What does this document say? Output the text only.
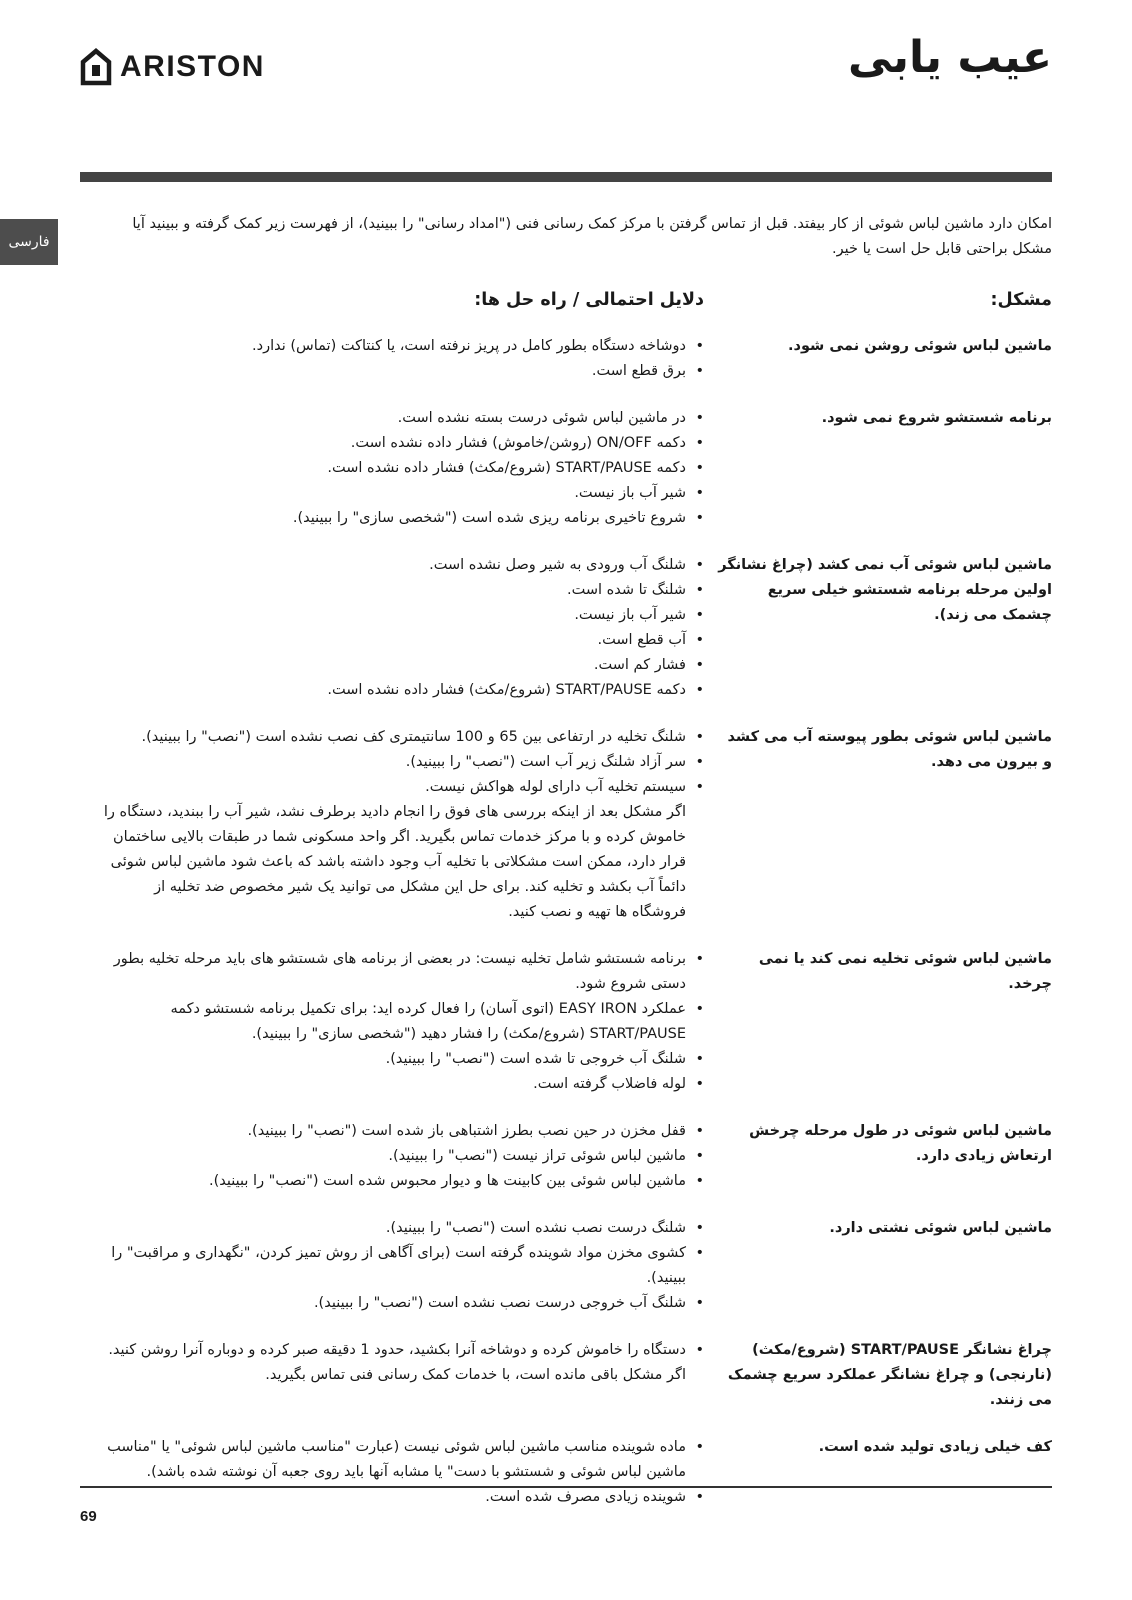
ARISTON	عیب یابی
فارسی
امکان دارد ماشین لباس شوئی از کار بیفتد. قبل از تماس گرفتن با مرکز کمک رسانی فنی ("امداد رسانی" را ببینید)، از فهرست زیر کمک گرفته و ببینید آیا مشکل براحتی قابل حل است یا خیر.
مشکل:
دلایل احتمالی / راه حل ها:
ماشین لباس شوئی روشن نمی شود.
• دوشاخه دستگاه بطور کامل در پریز نرفته است، یا کنتاکت (تماس) ندارد.
• برق قطع است.
برنامه شستشو شروع نمی شود.
• در ماشین لباس شوئی درست بسته نشده است.
• دکمه ON/OFF (روشن/خاموش) فشار داده نشده است.
• دکمه START/PAUSE (شروع/مکث) فشار داده نشده است.
• شیر آب باز نیست.
• شروع تاخیری برنامه ریزی شده است ("شخصی سازی" را ببینید).
ماشین لباس شوئی آب نمی کشد (چراغ نشانگر اولین مرحله برنامه شستشو خیلی سریع چشمک می زند).
• شلنگ آب ورودی به شیر وصل نشده است.
• شلنگ تا شده است.
• شیر آب باز نیست.
• آب قطع است.
• فشار کم است.
• دکمه START/PAUSE (شروع/مکث) فشار داده نشده است.
ماشین لباس شوئی بطور پیوسته آب می کشد و بیرون می دهد.
• شلنگ تخلیه در ارتفاعی بین 65 و 100 سانتیمتری کف نصب نشده است ("نصب" را ببینید).
• سر آزاد شلنگ زیر آب است ("نصب" را ببینید).
• سیستم تخلیه آب دارای لوله هواکش نیست.

اگر مشکل بعد از اینکه بررسی های فوق را انجام دادید برطرف نشد، شیر آب را ببندید، دستگاه را خاموش کرده و با مرکز خدمات تماس بگیرید. اگر واحد مسکونی شما در طبقات بالایی ساختمان قرار دارد، ممکن است مشکلاتی با تخلیه آب وجود داشته باشد که باعث شود ماشین لباس شوئی دائماً آب بکشد و تخلیه کند. برای حل این مشکل می توانید یک شیر مخصوص ضد تخلیه از فروشگاه ها تهیه و نصب کنید.

ماشین لباس شوئی تخلیه نمی کند یا نمی چرخد.
• برنامه شستشو شامل تخلیه نیست: در بعضی از برنامه های شستشو های باید مرحله تخلیه بطور دستی شروع شود.
• عملکرد EASY IRON (اتوی آسان) را فعال کرده اید: برای تکمیل برنامه شستشو دکمه START/PAUSE (شروع/مکث) را فشار دهید ("شخصی سازی" را ببینید).
• شلنگ آب خروجی تا شده است ("نصب" را ببینید).
• لوله فاضلاب گرفته است.
ماشین لباس شوئی در طول مرحله چرخش ارتعاش زیادی دارد.
• قفل مخزن در حین نصب بطرز اشتباهی باز شده است ("نصب" را ببینید).
• ماشین لباس شوئی تراز نیست ("نصب" را ببینید).
• ماشین لباس شوئی بین کابینت ها و دیوار محبوس شده است ("نصب" را ببینید).
ماشین لباس شوئی نشتی دارد.
• شلنگ درست نصب نشده است ("نصب" را ببینید).
• کشوی مخزن مواد شوینده گرفته است (برای آگاهی از روش تمیز کردن، "نگهداری و مراقبت" را ببینید).
• شلنگ آب خروجی درست نصب نشده است ("نصب" را ببینید).
چراغ نشانگر START/PAUSE (شروع/مکث) (نارنجی) و چراغ نشانگر عملکرد سریع چشمک می زنند.
• دستگاه را خاموش کرده و دوشاخه آنرا بکشید، حدود 1 دقیقه صبر کرده و دوباره آنرا روشن کنید. اگر مشکل باقی مانده است، با خدمات کمک رسانی فنی تماس بگیرید.
کف خیلی زیادی تولید شده است.
• ماده شوینده مناسب ماشین لباس شوئی نیست (عبارت "مناسب ماشین لباس شوئی" یا "مناسب ماشین لباس شوئی و شستشو با دست" یا مشابه آنها باید روی جعبه آن نوشته شده باشد).
• شوینده زیادی مصرف شده است.
69
